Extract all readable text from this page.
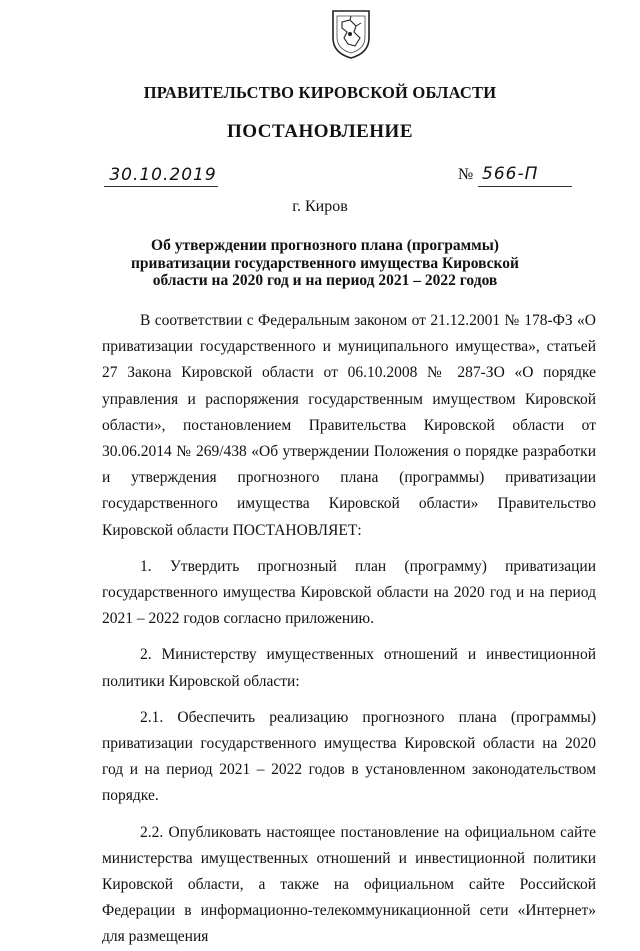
ПРАВИТЕЛЬСТВО КИРОВСКОЙ ОБЛАСТИ
ПОСТАНОВЛЕНИЕ
30.10.2019	№ 566-П
г. Киров
Об утверждении прогнозного плана (программы) приватизации государственного имущества Кировской области на 2020 год и на период 2021 – 2022 годов

В соответствии с Федеральным законом от 21.12.2001 № 178-ФЗ «О приватизации государственного и муниципального имущества», статьей 27 Закона Кировской области от 06.10.2008 № 287-ЗО «О порядке управления и распоряжения государственным имуществом Кировской области», постановлением Правительства Кировской области от 30.06.2014 № 269/438 «Об утверждении Положения о порядке разработки и утверждения прогнозного плана (программы) приватизации государственного имущества Кировской области» Правительство Кировской области ПОСТАНОВЛЯЕТ:

1. Утвердить прогнозный план (программу) приватизации государственного имущества Кировской области на 2020 год и на период 2021 – 2022 годов согласно приложению.

2. Министерству имущественных отношений и инвестиционной политики Кировской области:

2.1. Обеспечить реализацию прогнозного плана (программы) приватизации государственного имущества Кировской области на 2020 год и на период 2021 – 2022 годов в установленном законодательством порядке.

2.2. Опубликовать настоящее постановление на официальном сайте министерства имущественных отношений и инвестиционной политики Кировской области, а также на официальном сайте Российской Федерации в информационно-телекоммуникационной сети «Интернет» для размещения
